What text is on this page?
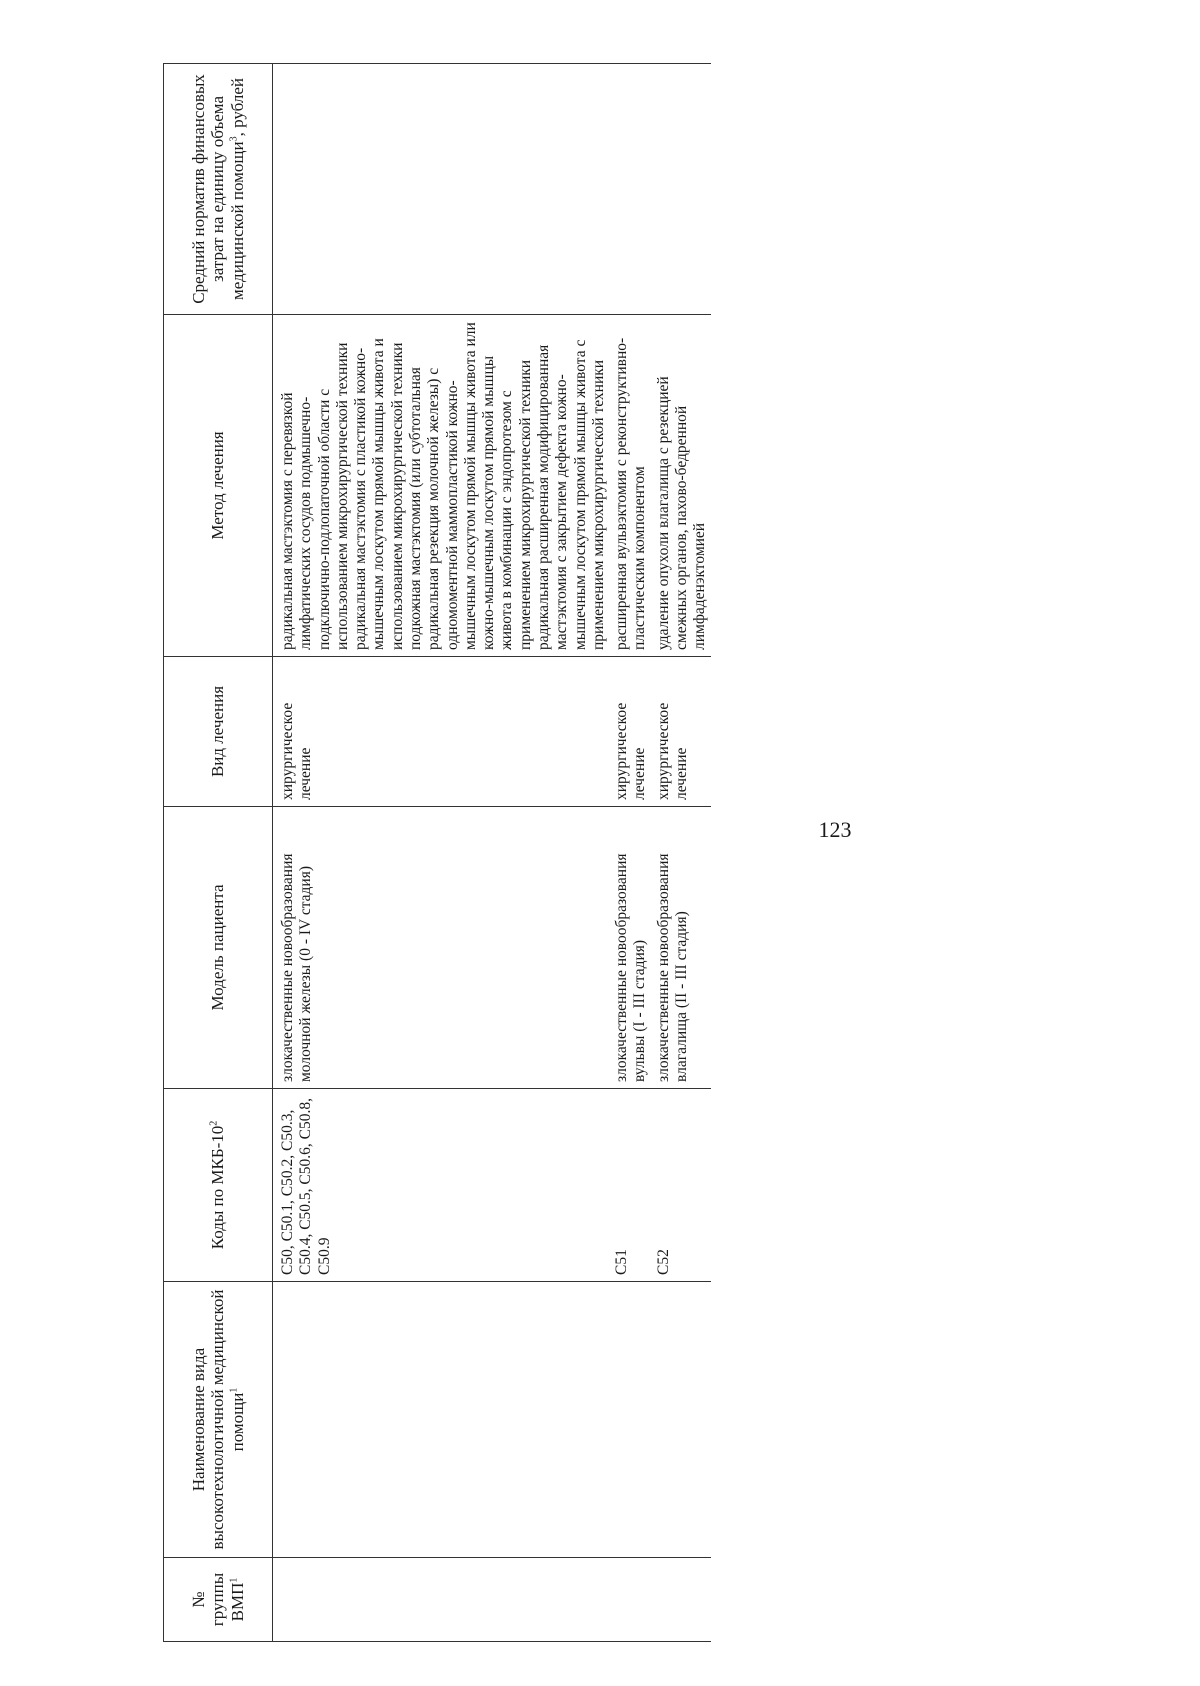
123
№ группы ВМП$^1$	Наименование вида высокотехнологичной медицинской помощи$^1$	Коды по МКБ-$10^2$	Модель пациента	Вид лечения	Метод лечения	Средний норматив финансовых затрат на единицу объема медицинской помощи$^3$, рублей
		C50, C50.1, C50.2, C50.3, C50.4, C50.5, C50.6, C50.8, C50.9	злокачественные новообразования молочной железы (0 - IV стадия)	хирургическое лечение	радикальная мастэктомия с перевязкой лимфатических сосудов подмышечно-подключично-подлопаточной области с использованием микрохирургической техники радикальная мастэктомия с пластикой кожно-мышечным лоскутом прямой мышцы живота и использованием микрохирургической техники подкожная мастэктомия (или субтотальная радикальная резекция молочной железы) с одномоментной маммопластикой кожно-мышечным лоскутом прямой мышцы живота или кожно-мышечным лоскутом прямой мышцы живота в комбинации с эндопротезом с применением микрохирургической техники радикальная расширенная модифицированная мастэктомия с закрытием дефекта кожно-мышечным лоскутом прямой мышцы живота с применением микрохирургической техники	

		C51	злокачественные новообразования вульвы (I - III стадия)	хирургическое лечение	расширенная вульвэктомия с реконструктивно-пластическим компонентом	

		C52	злокачественные новообразования влагалища (II - III стадия)	хирургическое лечение	удаление опухоли влагалища с резекцией смежных органов, пахово-бедренной лимфаденэктомией	
